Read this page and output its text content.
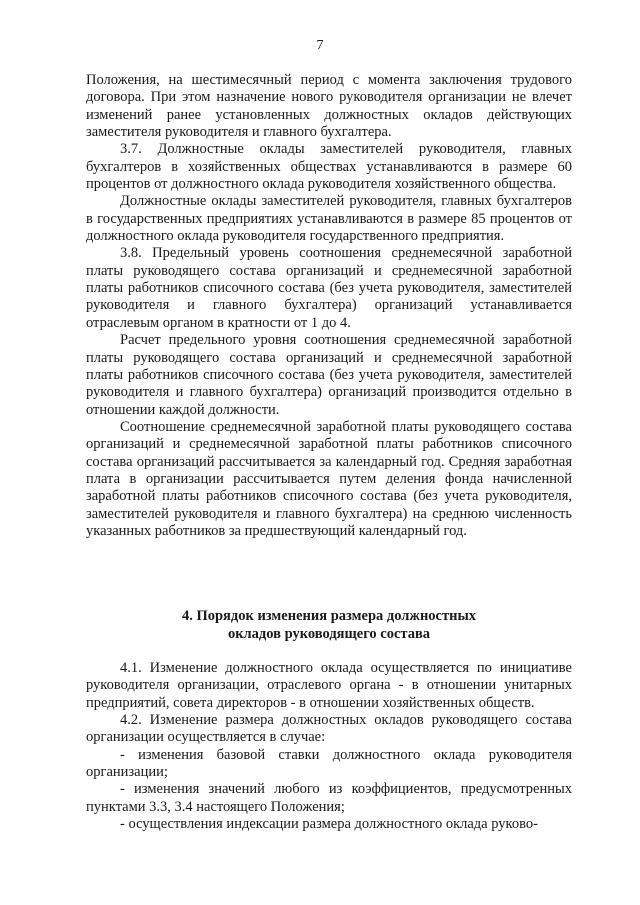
7

Положения, на шестимесячный период с момента заключения трудового договора. При этом назначение нового руководителя организации не влечет изменений ранее установленных должностных окладов действующих заместителя руководителя и главного бухгалтера.

3.7. Должностные оклады заместителей руководителя, главных бухгалтеров в хозяйственных обществах устанавливаются в размере 60 процентов от должностного оклада руководителя хозяйственного общества.

Должностные оклады заместителей руководителя, главных бухгалтеров в государственных предприятиях устанавливаются в размере 85 процентов от должностного оклада руководителя государственного предприятия.

3.8. Предельный уровень соотношения среднемесячной заработной платы руководящего состава организаций и среднемесячной заработной платы работников списочного состава (без учета руководителя, заместителей руководителя и главного бухгалтера) организаций устанавливается отраслевым органом в кратности от 1 до 4.

Расчет предельного уровня соотношения среднемесячной заработной платы руководящего состава организаций и среднемесячной заработной платы работников списочного состава (без учета руководителя, заместителей руководителя и главного бухгалтера) организаций производится отдельно в отношении каждой должности.

Соотношение среднемесячной заработной платы руководящего состава организаций и среднемесячной заработной платы работников списочного состава организаций рассчитывается за календарный год. Средняя заработная плата в организации рассчитывается путем деления фонда начисленной заработной платы работников списочного состава (без учета руководителя, заместителей руководителя и главного бухгалтера) на среднюю численность указанных работников за предшествующий календарный год.

4. Порядок изменения размера должностных
окладов руководящего состава

4.1. Изменение должностного оклада осуществляется по инициативе руководителя организации, отраслевого органа - в отношении унитарных предприятий, совета директоров - в отношении хозяйственных обществ.

4.2. Изменение размера должностных окладов руководящего состава организации осуществляется в случае:

- изменения базовой ставки должностного оклада руководителя организации;

- изменения значений любого из коэффициентов, предусмотренных пунктами 3.3, 3.4 настоящего Положения;

- осуществления индексации размера должностного оклада руково-
